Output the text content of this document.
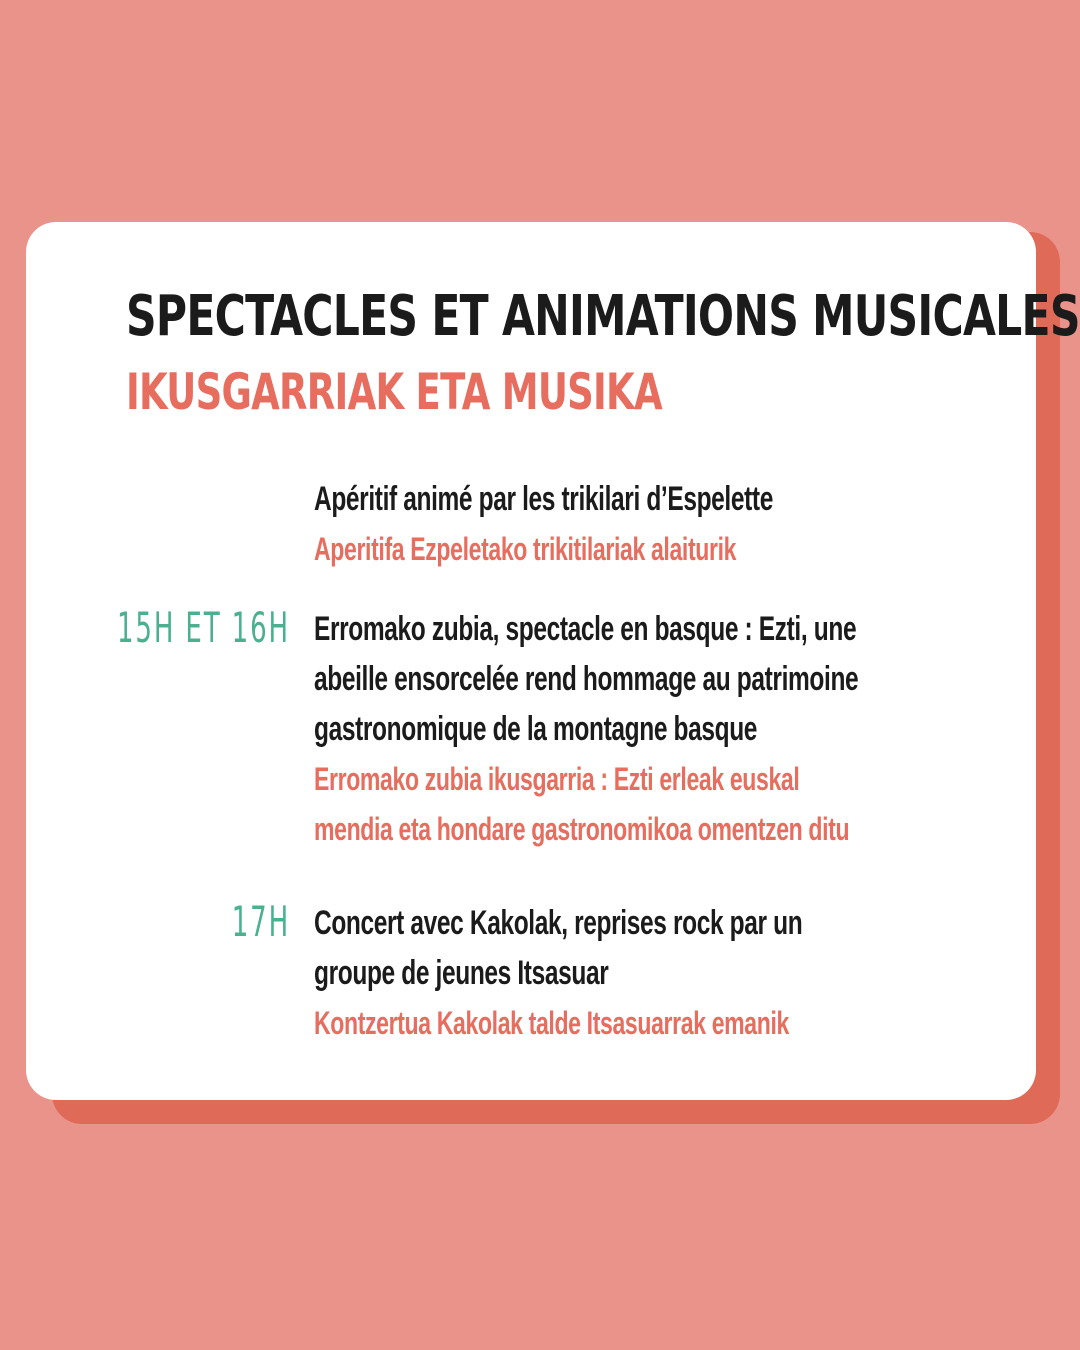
SPECTACLES ET ANIMATIONS MUSICALES
IKUSGARRIAK ETA MUSIKA
Apéritif animé par les trikilari d’Espelette
Aperitifa Ezpeletako trikitilariak alaiturik
15H ET 16H Erromako zubia, spectacle en basque : Ezti, une
abeille ensorcelée rend hommage au patrimoine
gastronomique de la montagne basque
Erromako zubia ikusgarria : Ezti erleak euskal
mendia eta hondare gastronomikoa omentzen ditu
17H Concert avec Kakolak, reprises rock par un
groupe de jeunes Itsasuar
Kontzertua Kakolak talde Itsasuarrak emanik
